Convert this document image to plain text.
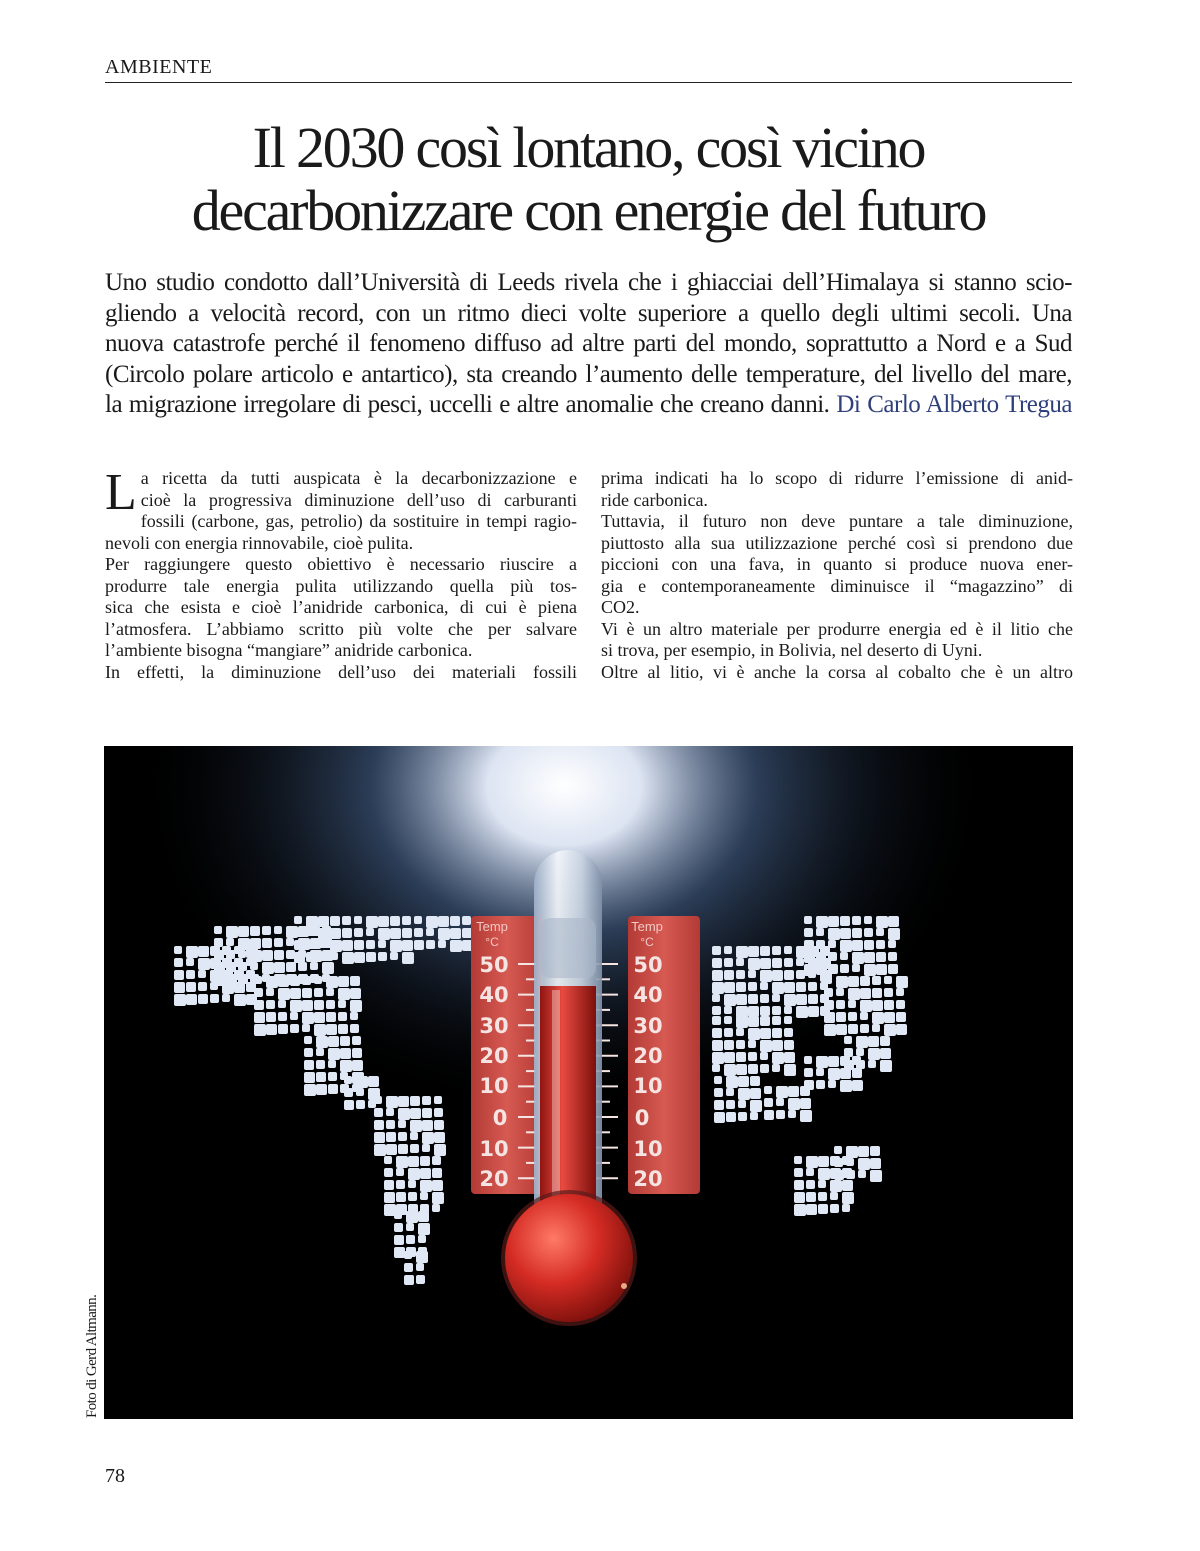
AMBIENTE
Il 2030 così lontano, così vicino
decarbonizzare con energie del futuro
Uno studio condotto dall’Università di Leeds rivela che i ghiacciai dell’Himalaya si stanno scio-
gliendo a velocità record, con un ritmo dieci volte superiore a quello degli ultimi secoli. Una
nuova catastrofe perché il fenomeno diffuso ad altre parti del mondo, soprattutto a Nord e a Sud
(Circolo polare articolo e antartico), sta creando l’aumento delle temperature, del livello del mare,
la migrazione irregolare di pesci, uccelli e altre anomalie che creano danni. Di Carlo Alberto Tregua

L a ricetta da tutti auspicata è la decarbonizzazione e
cioè la progressiva diminuzione dell’uso di carburanti
fossili (carbone, gas, petrolio) da sostituire in tempi ragio-
nevoli con energia rinnovabile, cioè pulita.

Per raggiungere questo obiettivo è necessario riuscire a
produrre tale energia pulita utilizzando quella più tos-
sica che esista e cioè l’anidride carbonica, di cui è piena
l’atmosfera. L’abbiamo scritto più volte che per salvare
l’ambiente bisogna “mangiare” anidride carbonica.

In effetti, la diminuzione dell’uso dei materiali fossili

prima indicati ha lo scopo di ridurre l’emissione di anid-
ride carbonica.

Tuttavia, il futuro non deve puntare a tale diminuzione,
piuttosto alla sua utilizzazione perché così si prendono due
piccioni con una fava, in quanto si produce nuova ener-
gia e contemporaneamente diminuisce il “magazzino” di
CO2.

Vi è un altro materiale per produrre energia ed è il litio che
si trova, per esempio, in Bolivia, nel deserto di Uyni.

Oltre al litio, vi è anche la corsa al cobalto che è un altro

Temp
°C
Temp
°C
50
40
30
20
10
0
10
20
50
40
30
20
10
0
10
20
Foto di Gerd Altmann.
78
